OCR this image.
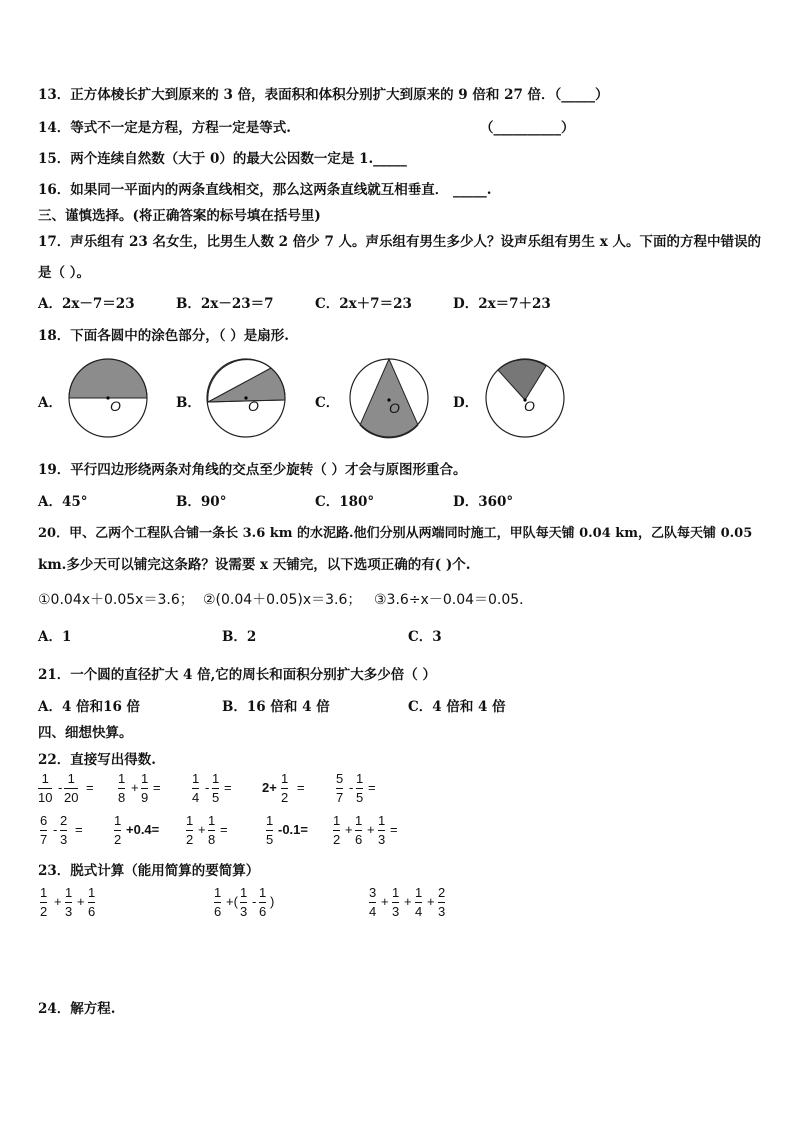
13．正方体棱长扩大到原来的 3 倍，表面积和体积分别扩大到原来的 9 倍和 27 倍．（_____）
14．等式不一定是方程，方程一定是等式.	（__________）
15．两个连续自然数（大于 0）的最大公因数一定是 1._____
16．如果同一平面内的两条直线相交，那么这两条直线就互相垂直． _____.
三、谨慎选择。(将正确答案的标号填在括号里)
17．声乐组有 23 名女生，比男生人数 2 倍少 7 人。声乐组有男生多少人？设声乐组有男生 x 人。下面的方程中错误的
是（ ）。
A．2x－7＝23	B．2x－23＝7	C．2x＋7＝23	D．2x＝7＋23
18．下面各圆中的涂色部分，（ ）是扇形.
A．	B．	C．	D．
O	O	O	O
19．平行四边形绕两条对角线的交点至少旋转（ ）才会与原图形重合。
A．45°	B．90°	C．180°	D．360°
20．甲、乙两个工程队合铺一条长 3.6 km 的水泥路.他们分别从两端同时施工，甲队每天铺 0.04 km，乙队每天铺 0.05
km.多少天可以铺完这条路？设需要 x 天铺完，以下选项正确的有( )个.
①0.04x＋0.05x＝3.6； ②(0.04＋0.05)x＝3.6； ③3.6÷x－0.04＝0.05．
A．1	B．2	C．3
21．一个圆的直径扩大 4 倍,它的周长和面积分别扩大多少倍（ ）
A．4 倍和16 倍	B．16 倍和 4 倍	C．4 倍和 4 倍
四、细想快算。
22．直接写出得数.
1
10
-
1
20
=
1
8
+
1
9
=
1
4
-
1
5
= 2+
1
2
=
5
7
-
1
5
=
6
7
-
2
3
=
1
2
+0.4=
1
2
+
1
8
=
1
5
-0.1=
1
2
+
1
6
+
1
3
=
23．脱式计算（能用简算的要简算）
1
2
+
1
3
+
1
6
1
6
+(
1
3
-
1
6
)
3
4
+
1
3
+
1
4
+
2
3
24．解方程.
